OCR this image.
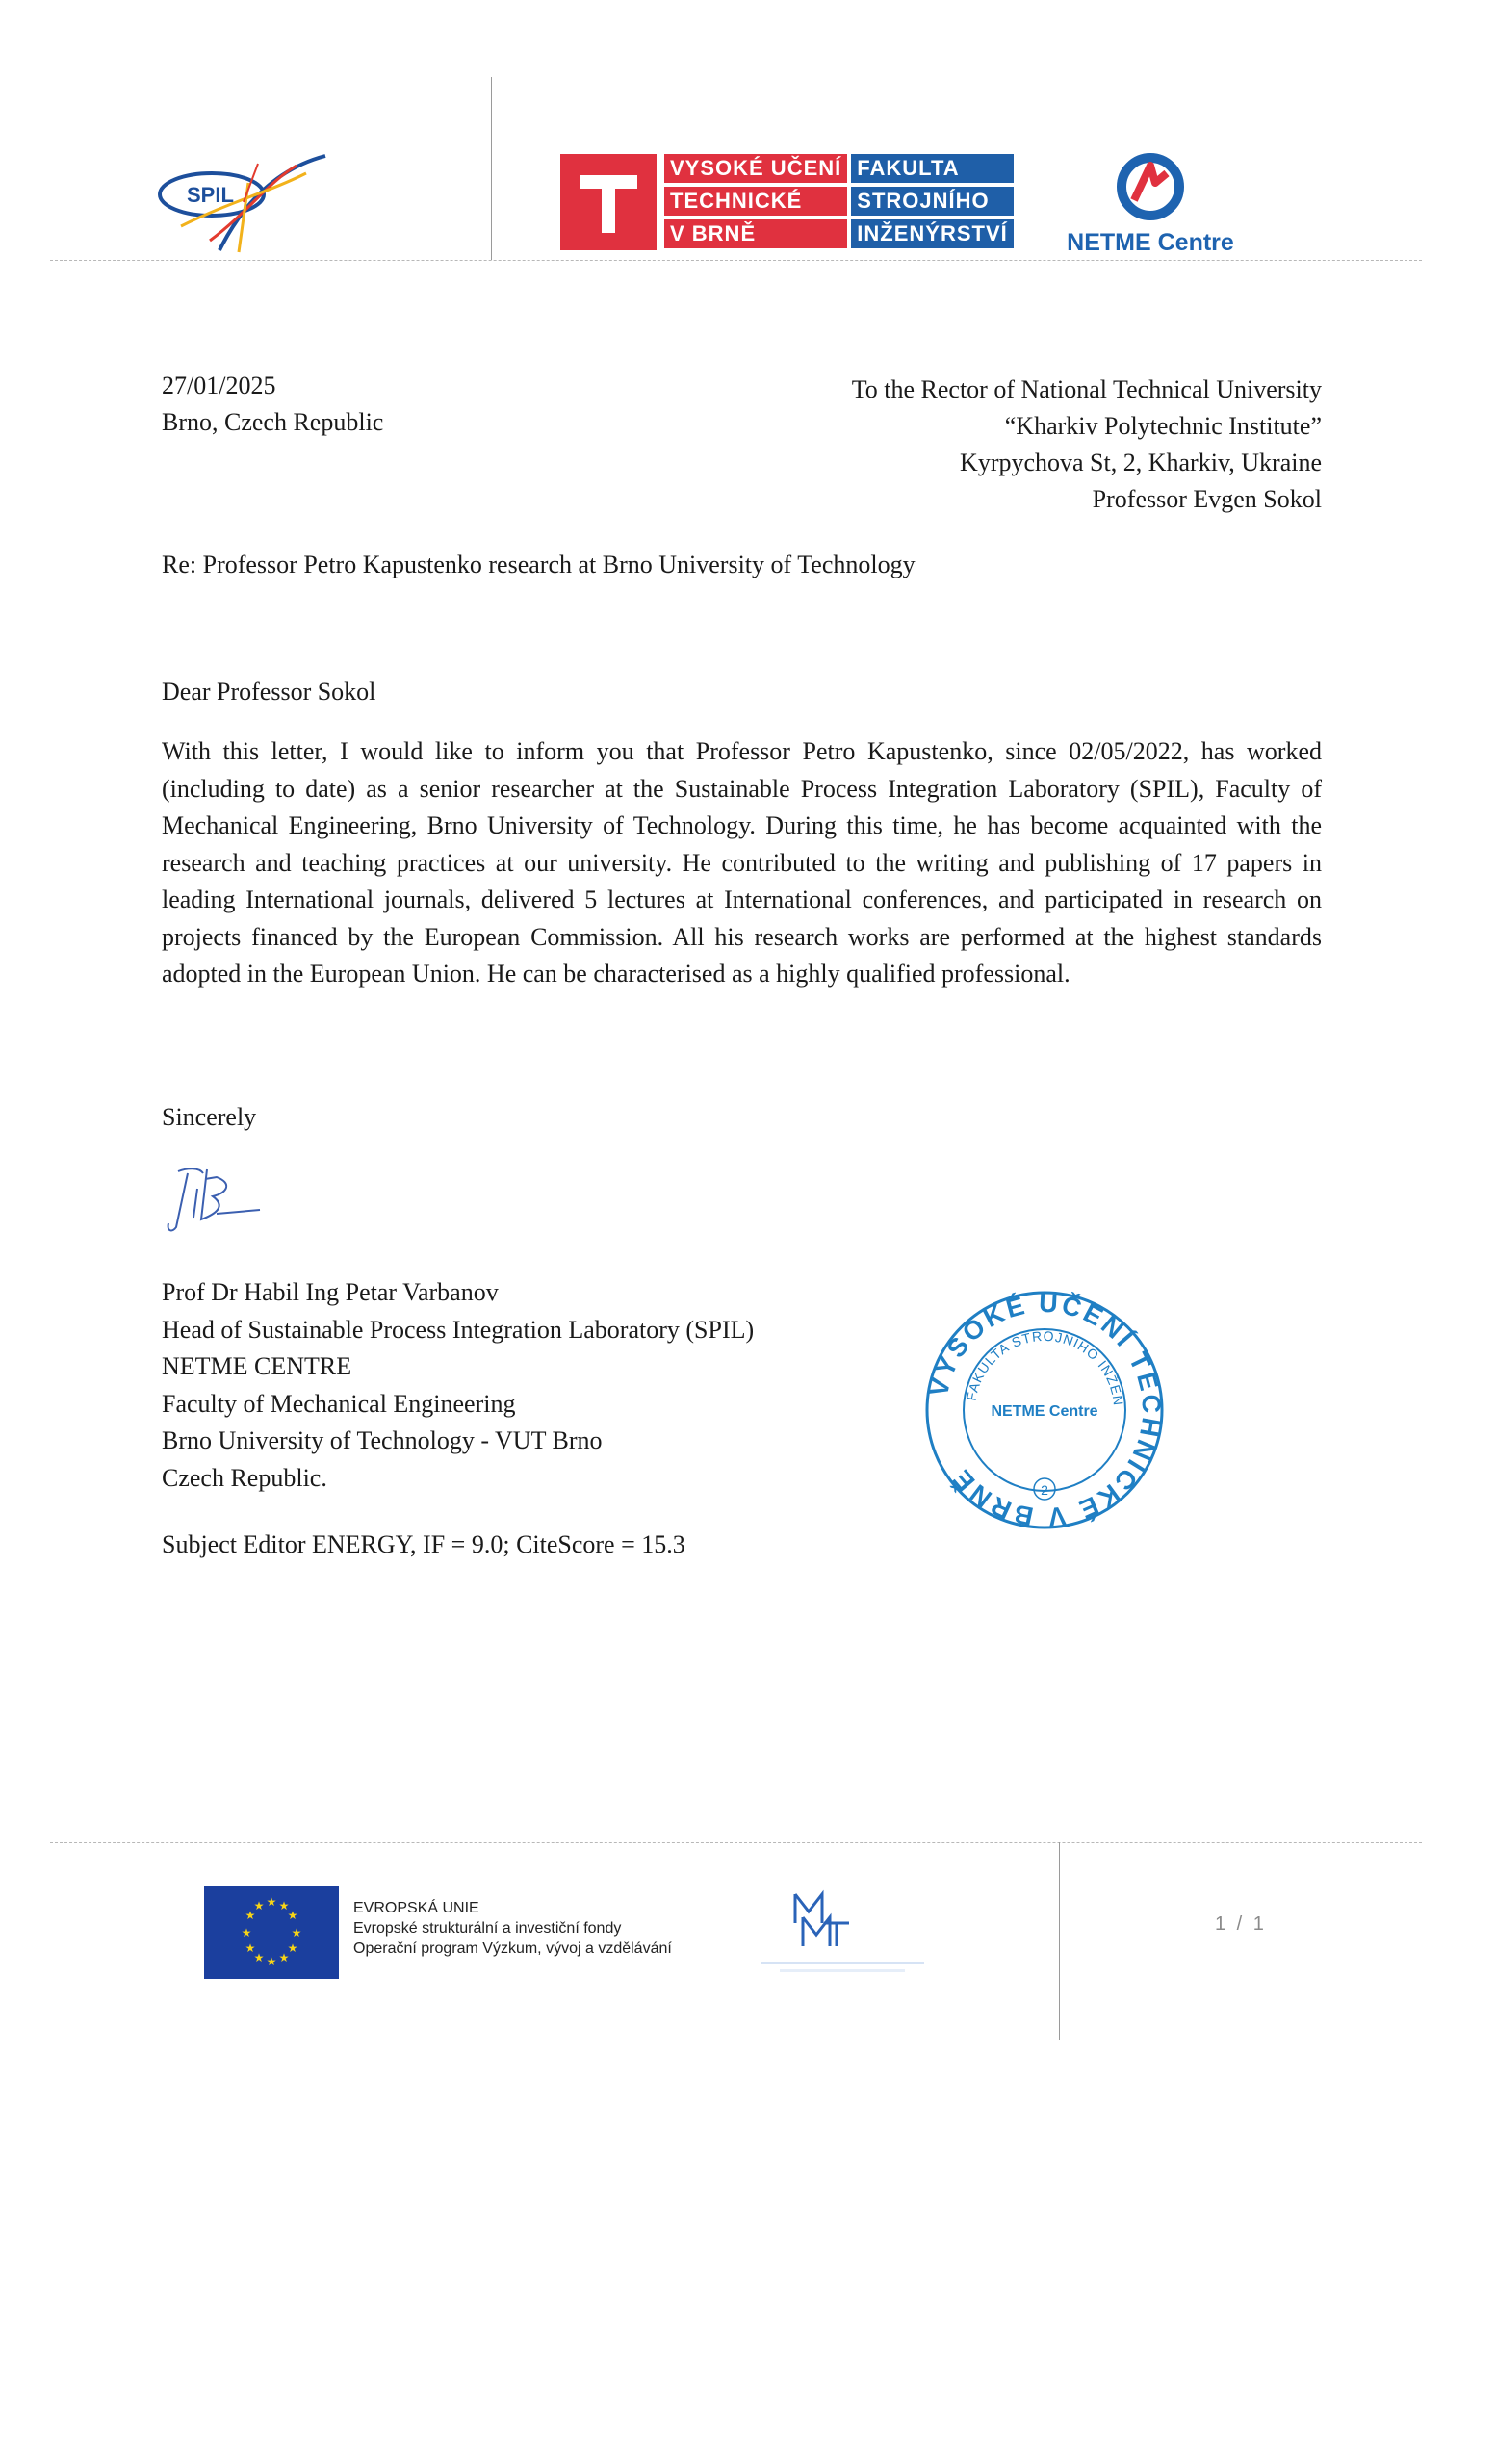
SPIL
VYSOKÉ UČENÍ FAKULTA
TECHNICKÉ	STROJNÍHO
V BRNĚ	INŽENÝRSTVÍ	NETME Centre
27/01/2025
Brno, Czech Republic
To the Rector of National Technical University
“Kharkiv Polytechnic Institute”
Kyrpychova St, 2, Kharkiv, Ukraine
Professor Evgen Sokol
Re: Professor Petro Kapustenko research at Brno University of Technology
Dear Professor Sokol
With this letter, I would like to inform you that Professor Petro Kapustenko, since 02/05/2022, has worked (including to date) as a senior researcher at the Sustainable Process Integration Laboratory (SPIL), Faculty of Mechanical Engineering, Brno University of Technology. During this time, he has become acquainted with the research and teaching practices at our university. He contributed to the writing and publishing of 17 papers in leading International journals, delivered 5 lectures at International conferences, and participated in research on projects financed by the European Commission. All his research works are performed at the highest standards adopted in the European Union. He can be characterised as a highly qualified professional.
Sincerely
Prof Dr Habil Ing Petar Varbanov
Head of Sustainable Process Integration Laboratory (SPIL)
NETME CENTRE
Faculty of Mechanical Engineering
Brno University of Technology - VUT Brno
Czech Republic.
Subject Editor ENERGY, IF = 9.0; CiteScore = 15.3
VYSOKÉ UČENÍ TECHNICKÉ V BRNĚ
FAKULTA STROJNÍHO INŽEN
NETME Centre
2
★ ★
★
★
★
★
★
★
★
★
★
★	EVROPSKÁ UNIE
Evropské strukturální a investiční fondy
Operační program Výzkum, vývoj a vzdělávání
1 / 1
